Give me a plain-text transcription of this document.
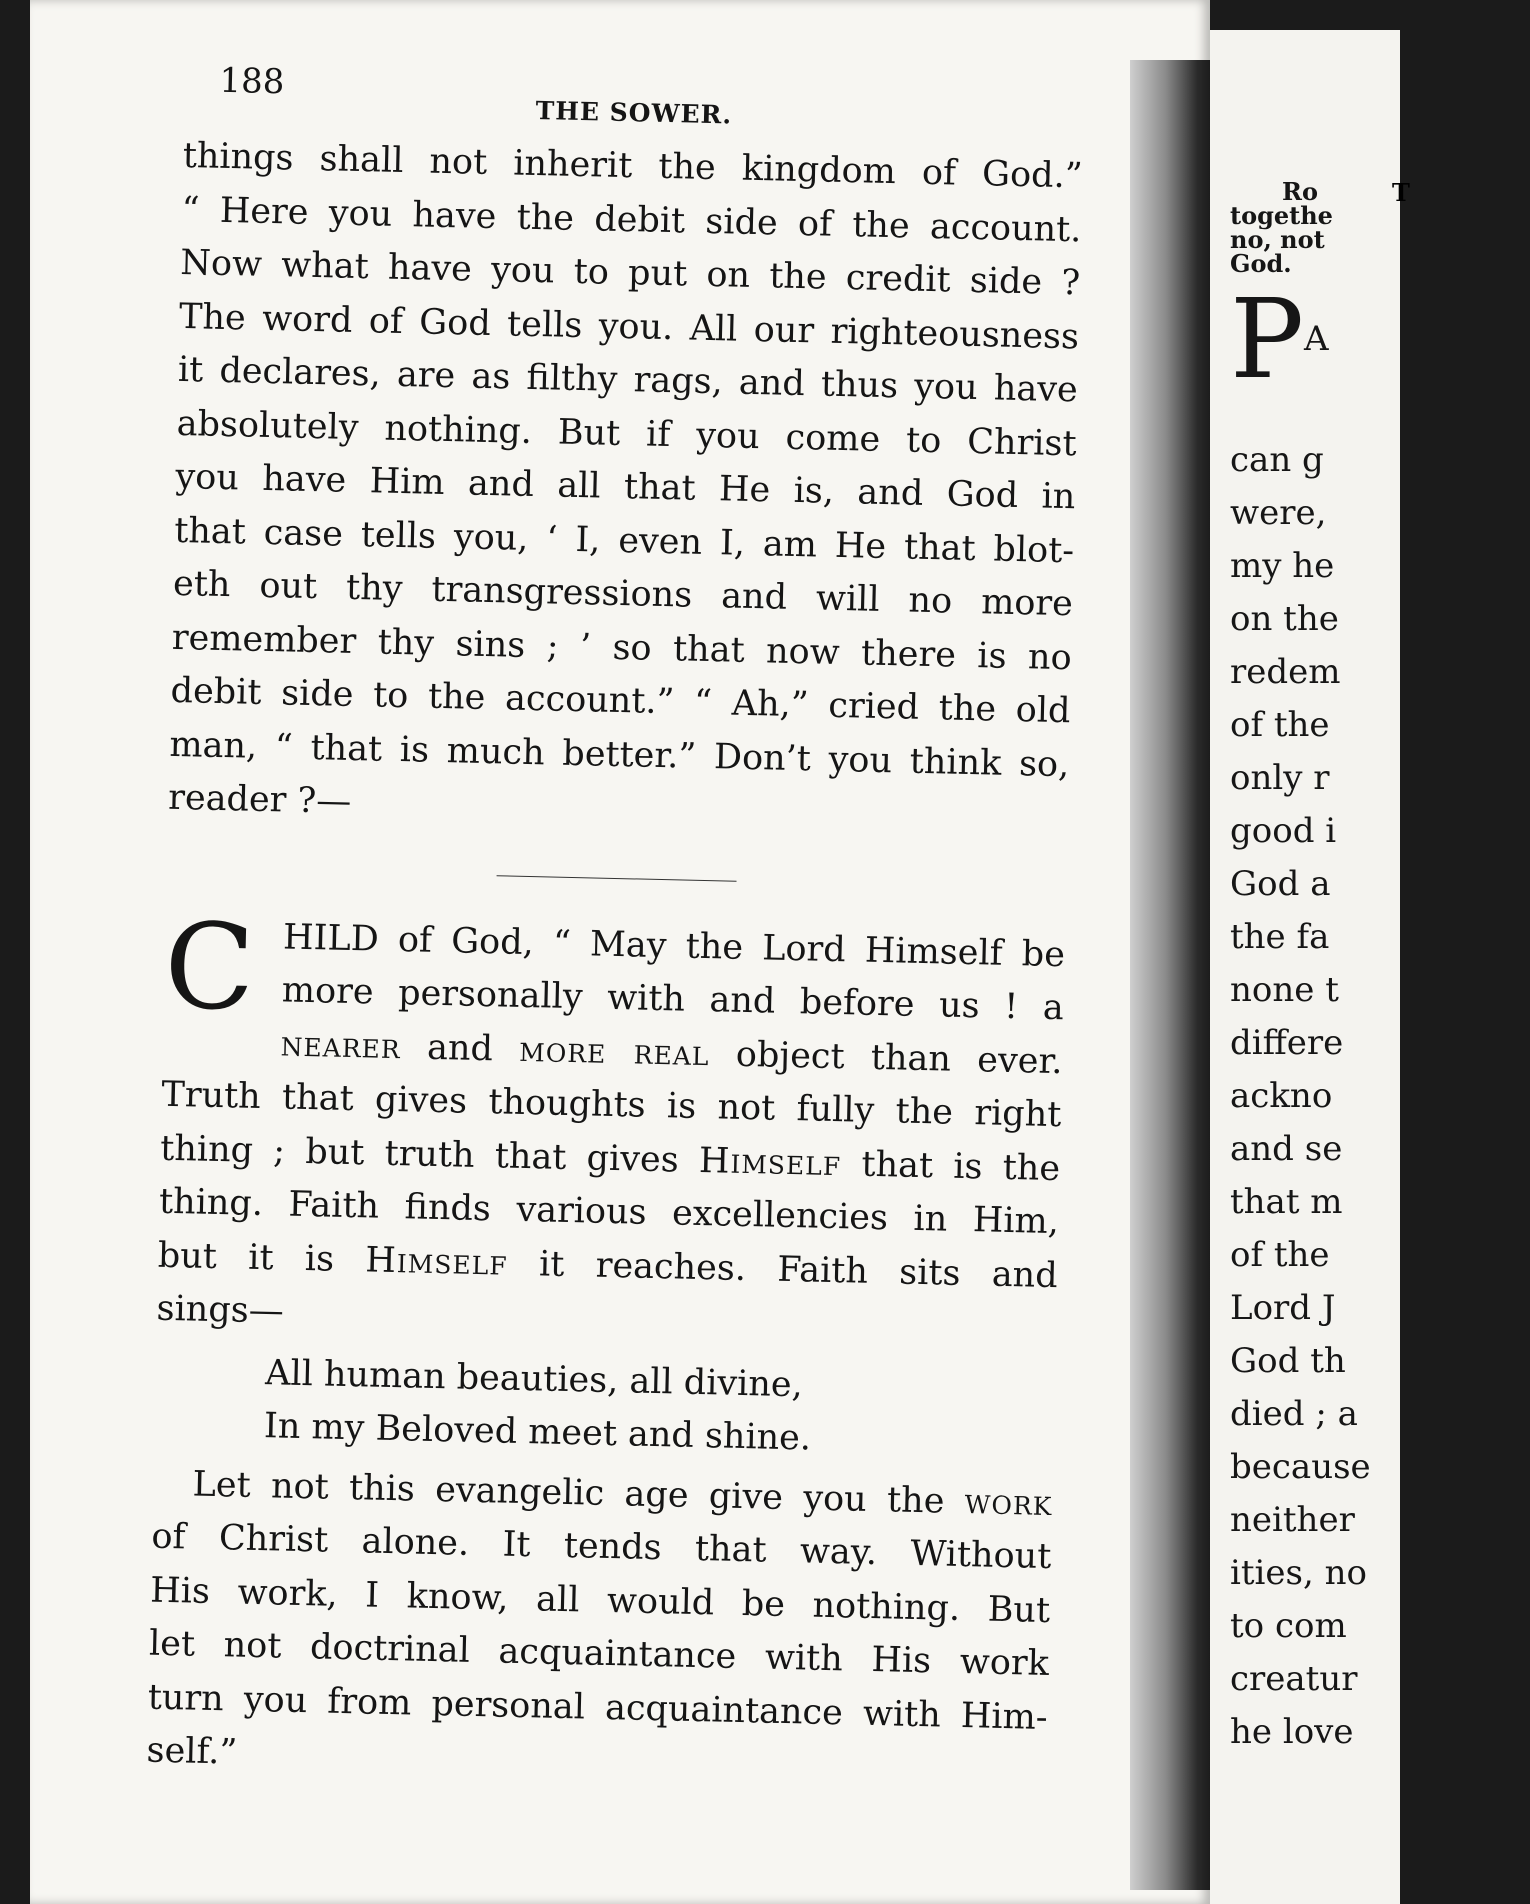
188
THE SOWER.

things shall not inherit the kingdom of God.”
“ Here you have the debit side of the account.
Now what have you to put on the credit side ?
The word of God tells you. All our righteousness
it declares, are as filthy rags, and thus you have
absolutely nothing. But if you come to Christ
you have Him and all that He is, and God in
that case tells you, ‘ I, even I, am He that blot-
eth out thy transgressions and will no more
remember thy sins ; ’ so that now there is no
debit side to the account.” “ Ah,” cried the old
man, “ that is much better.” Don’t you think so,
reader ?—

C HILD of God, “ May the Lord Himself be
more personally with and before us ! a
nearer and more real object than ever.
Truth that gives thoughts is not fully the right
thing ; but truth that gives Himself that is the
thing. Faith finds various excellencies in Him,
but it is Himself it reaches. Faith sits and
sings—
All human beauties, all divine,
In my Beloved meet and shine.
Let not this evangelic age give you the work
of Christ alone. It tends that way. Without
His work, I know, all would be nothing. But
let not doctrinal acquaintance with His work
turn you from personal acquaintance with Him-
self.”
T
Ro
togethe
no, not
God.
$P^A$
can g
were,
my he
on the
redem
of the
only r
good i
God a
the fa
none t
differe
ackno
and se
that m
of the
Lord J
God th
died ; a
because
neither
ities, no
to com
creatur
he love
